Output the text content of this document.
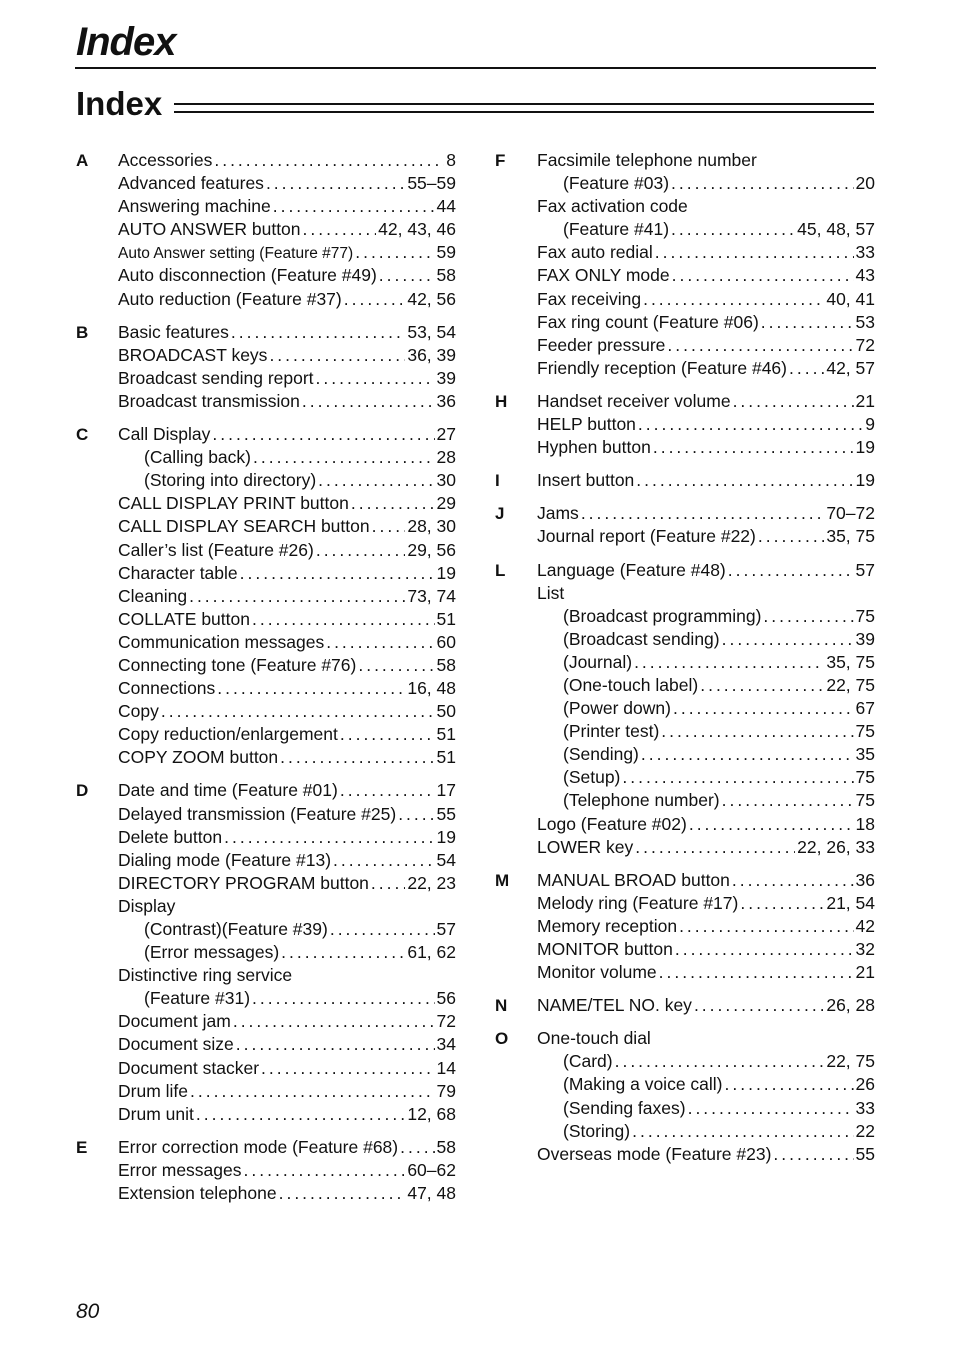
Index
Index
A Accessories .....	8
Advanced features .....	55–59
Answering machine .....	44
AUTO ANSWER button .....	42, 43, 46
Auto Answer setting (Feature #77) .....	59
Auto disconnection (Feature #49) .....	58
Auto reduction (Feature #37) .....	42, 56
B Basic features .....	53, 54
BROADCAST keys .....	36, 39
Broadcast sending report .....	39
Broadcast transmission .....	36
C Call Display .....	27
(Calling back) .....	28
(Storing into directory) .....	30
CALL DISPLAY PRINT button .....	29
CALL DISPLAY SEARCH button ..... 28, 30
Caller’s list (Feature #26) .....	29, 56
Character table .....	19
Cleaning .....	73, 74
COLLATE button .....	51
Communication messages .....	60
Connecting tone (Feature #76) .....	58
Connections .....	16, 48
Copy .....	50
Copy reduction/enlargement .....	51
COPY ZOOM button .....	51
D Date and time (Feature #01) .....	17
Delayed transmission (Feature #25) ..... 55
Delete button .....	19
Dialing mode (Feature #13) .....	54
DIRECTORY PROGRAM button ..... 22, 23
Display
(Contrast)(Feature #39) .....	57
(Error messages) .....	61, 62
Distinctive ring service
(Feature #31) .....	56
Document jam .....	72
Document size .....	34
Document stacker .....	14
Drum life .....	79
Drum unit .....	12, 68
E Error correction mode (Feature #68) ..... 58
Error messages .....	60–62
Extension telephone .....	47, 48
F Facsimile telephone number
(Feature #03) .....	20
Fax activation code
(Feature #41) .....	45, 48, 57
Fax auto redial .....	33
FAX ONLY mode .....	43
Fax receiving .....	40, 41
Fax ring count (Feature #06) .....	53
Feeder pressure .....	72
Friendly reception (Feature #46) ..... 42, 57
H Handset receiver volume .....	21
HELP button .....	9
Hyphen button .....	19
I Insert button .....	19
J Jams .....	70–72
Journal report (Feature #22) .....	35, 75
L Language (Feature #48) .....	57
List
(Broadcast programming) .....	75
(Broadcast sending) .....	39
(Journal) .....	35, 75
(One-touch label) .....	22, 75
(Power down) .....	67
(Printer test) .....	75
(Sending) .....	35
(Setup) .....	75
(Telephone number) .....	75
Logo (Feature #02) .....	18
LOWER key .....	22, 26, 33
M MANUAL BROAD button .....	36
Melody ring (Feature #17) .....	21, 54
Memory reception .....	42
MONITOR button .....	32
Monitor volume .....	21
N NAME/TEL NO. key .....	26, 28
O One-touch dial
(Card) .....	22, 75
(Making a voice call) .....	26
(Sending faxes) .....	33
(Storing) .....	22
Overseas mode (Feature #23) .....	55

80
